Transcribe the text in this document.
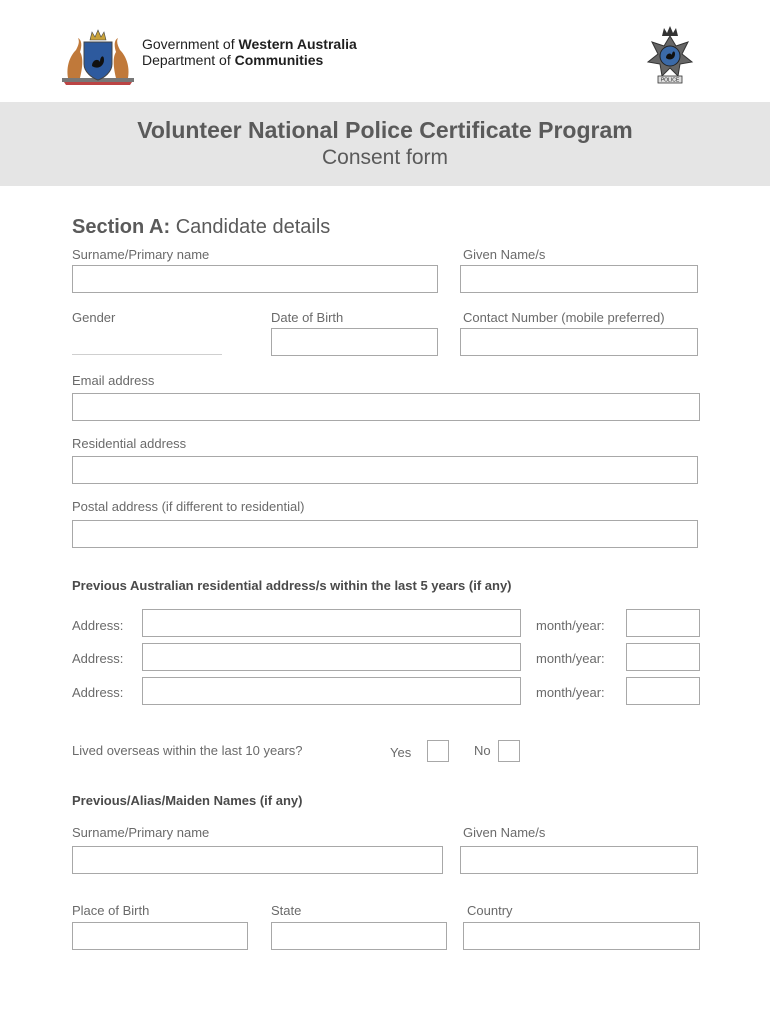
Government of Western Australia
Department of Communities
POLICE
Volunteer National Police Certificate Program
Consent form
Section A: Candidate details
Surname/Primary name	Given Name/s
Gender	Date of Birth	Contact Number (mobile preferred)
Email address
Residential address
Postal address (if different to residential)
Previous Australian residential address/s within the last 5 years (if any)
Address:	month/year:
Address:	month/year:
Address:	month/year:
Lived overseas within the last 10 years?	Yes	No
Previous/Alias/Maiden Names (if any)
Surname/Primary name	Given Name/s
Place of Birth	State	Country
